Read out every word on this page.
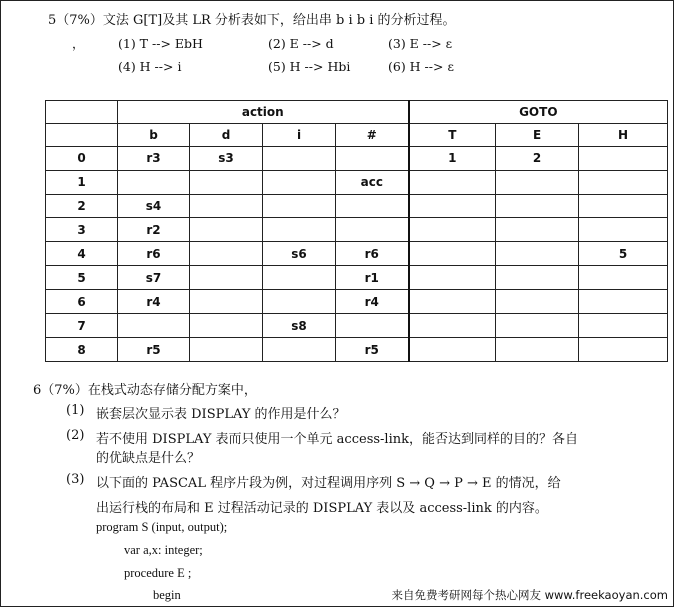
5（7%）文法 G[T]及其 LR 分析表如下，给出串 b i b i 的分析过程。
，	(1) T --> EbH	(2) E --> d	(3) E --> ε
(4) H --> i	(5) H --> Hbi	(6) H --> ε
	action				GOTO		
	b	d	i	#	T	E	H
0	r3	s3			1	2	
1				acc			
2	s4						
3	r2						
4	r6		s6	r6			5
5	s7			r1			
6	r4			r4			
7			s8				
8	r5			r5			
6（7%）在栈式动态存储分配方案中，
(1) 嵌套层次显示表 DISPLAY 的作用是什么？
(2) 若不使用 DISPLAY 表而只使用一个单元 access-link，能否达到同样的目的？各自
的优缺点是什么？
(3) 以下面的 PASCAL 程序片段为例，对过程调用序列 S → Q → P → E 的情况，给
出运行栈的布局和 E 过程活动记录的 DISPLAY 表以及 access-link 的内容。
program S (input, output);
var a,x: integer;
procedure E ;
begin	来自免费考研网每个热心网友 www.freekaoyan.com
